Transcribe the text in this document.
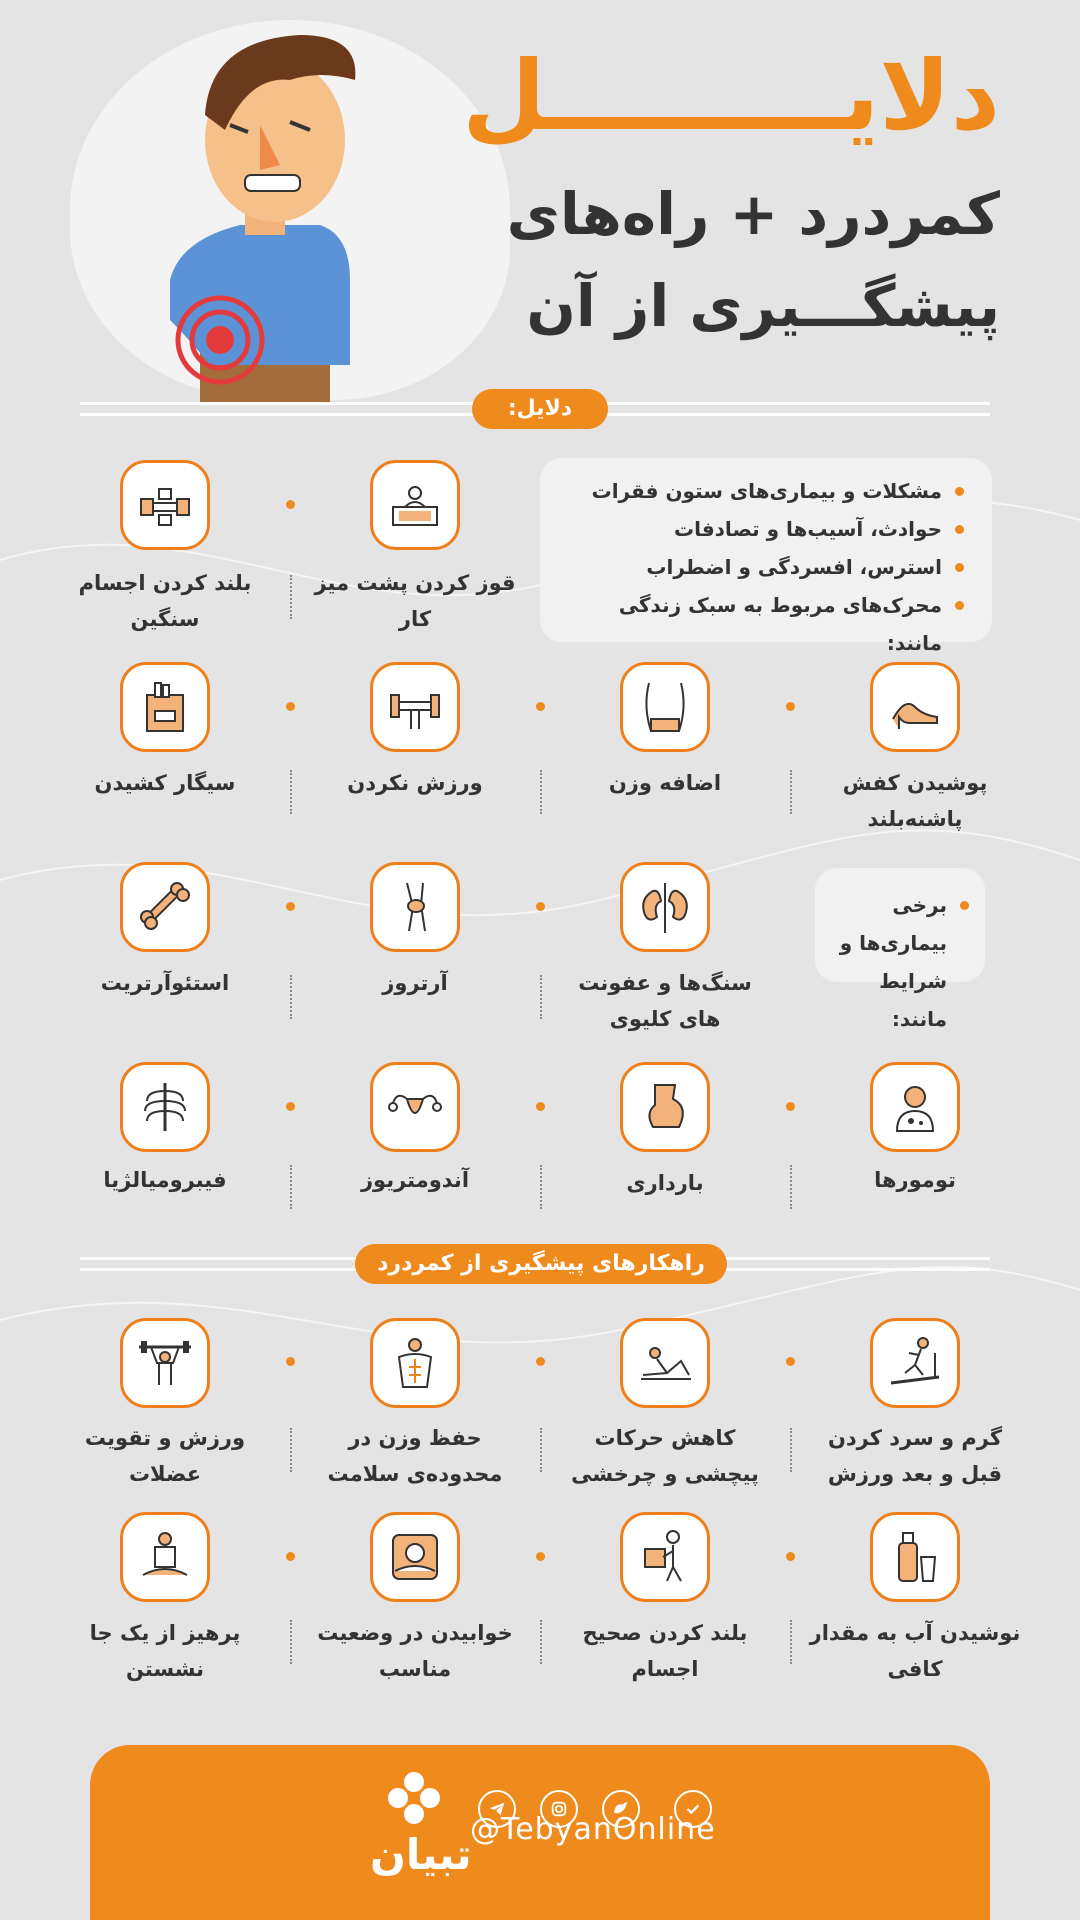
دلایـــــــــل
کمردرد + راه‌های
پیشگـــیری از آن
دلایل:
مشکلات و بیماری‌های ستون فقرات
حوادث، آسیب‌ها و تصادفات
استرس، افسردگی و اضطراب
محرک‌های مربوط به سبک زندگی مانند:
قوز کردن پشت میز کار
بلند کردن اجسام سنگین
پوشیدن کفش پاشنه‌بلند
اضافه وزن
ورزش نکردن
سیگار کشیدن
برخی بیماری‌ها و شرایط مانند:
سنگ‌ها و عفونت های کلیوی
آرتروز
استئوآرتریت
تومورها
بارداری
آندومتریوز
فیبرومیالژیا
راهکارهای پیشگیری از کمردرد
گرم و سرد کردن قبل و بعد ورزش
کاهش حرکات پیچشی و چرخشی
حفظ وزن در محدوده‌ی سلامت
ورزش و تقویت عضلات
نوشیدن آب به مقدار کافی
بلند کردن صحیح اجسام
خوابیدن در وضعیت مناسب
پرهیز از یک جا نشستن
تبیان
@TebyanOnline
